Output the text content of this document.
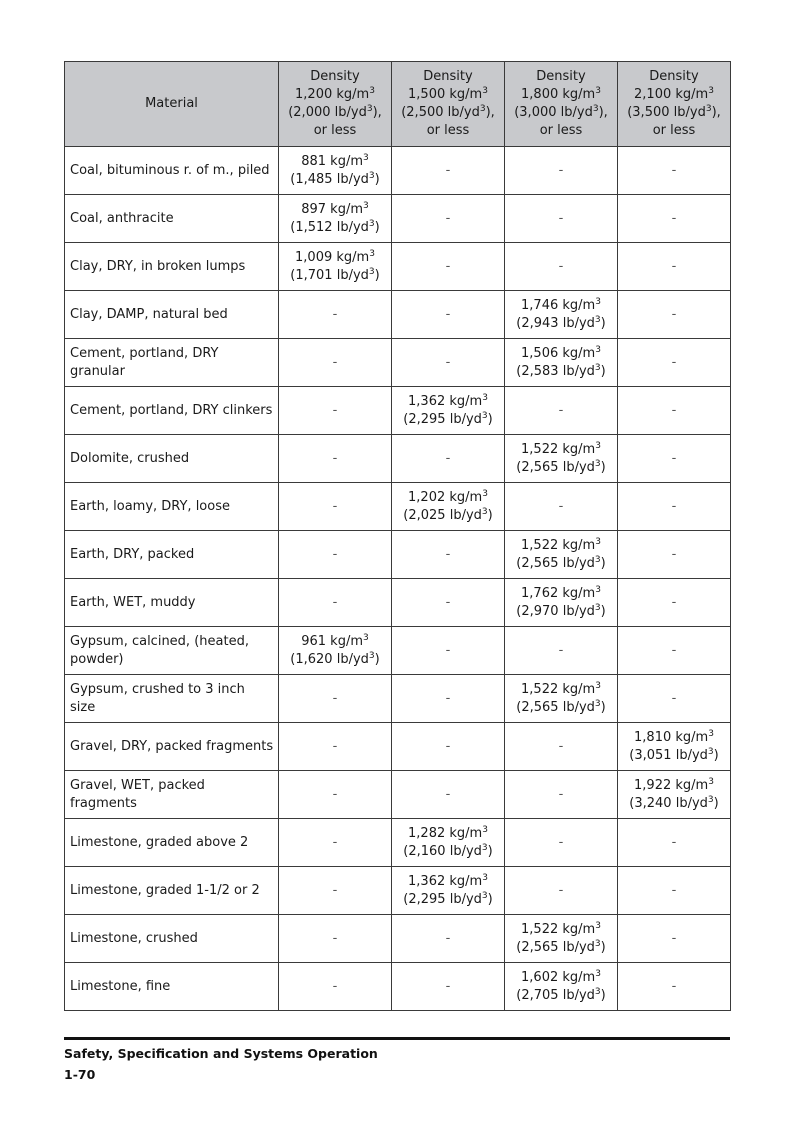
Material	Density
1,200 $kg/m^3$
(2,000 $lb/yd^3$),
or less	Density
1,500 $kg/m^3$
(2,500 $lb/yd^3$),
or less	Density
1,800 $kg/m^3$
(3,000 $lb/yd^3$),
or less	Density
2,100 $kg/m^3$
(3,500 $lb/yd^3$),
or less
Coal, bituminous r. of m., piled	881 $kg/m^3$
(1,485 $lb/yd^3$)	-	-	-
Coal, anthracite	897 $kg/m^3$
(1,512 $lb/yd^3$)	-	-	-
Clay, DRY, in broken lumps	1,009 $kg/m^3$
(1,701 $lb/yd^3$)	-	-	-
Clay, DAMP, natural bed	-	-	1,746 $kg/m^3$
(2,943 $lb/yd^3$)	-
Cement, portland, DRY granular	-	-	1,506 $kg/m^3$
(2,583 $lb/yd^3$)	-
Cement, portland, DRY clinkers	-	1,362 $kg/m^3$
(2,295 $lb/yd^3$)	-	-
Dolomite, crushed	-	-	1,522 $kg/m^3$
(2,565 $lb/yd^3$)	-
Earth, loamy, DRY, loose	-	1,202 $kg/m^3$
(2,025 $lb/yd^3$)	-	-
Earth, DRY, packed	-	-	1,522 $kg/m^3$
(2,565 $lb/yd^3$)	-
Earth, WET, muddy	-	-	1,762 $kg/m^3$
(2,970 $lb/yd^3$)	-
Gypsum, calcined, (heated, powder)	961 $kg/m^3$
(1,620 $lb/yd^3$)	-	-	-
Gypsum, crushed to 3 inch size	-	-	1,522 $kg/m^3$
(2,565 $lb/yd^3$)	-
Gravel, DRY, packed fragments	-	-	-	1,810 $kg/m^3$
(3,051 $lb/yd^3$)
Gravel, WET, packed fragments	-	-	-	1,922 $kg/m^3$
(3,240 $lb/yd^3$)
Limestone, graded above 2	-	1,282 $kg/m^3$
(2,160 $lb/yd^3$)	-	-
Limestone, graded 1-1/2 or 2	-	1,362 $kg/m^3$
(2,295 $lb/yd^3$)	-	-
Limestone, crushed	-	-	1,522 $kg/m^3$
(2,565 $lb/yd^3$)	-
Limestone, fine	-	-	1,602 $kg/m^3$
(2,705 $lb/yd^3$)	-
Safety, Specification and Systems Operation
1-70
